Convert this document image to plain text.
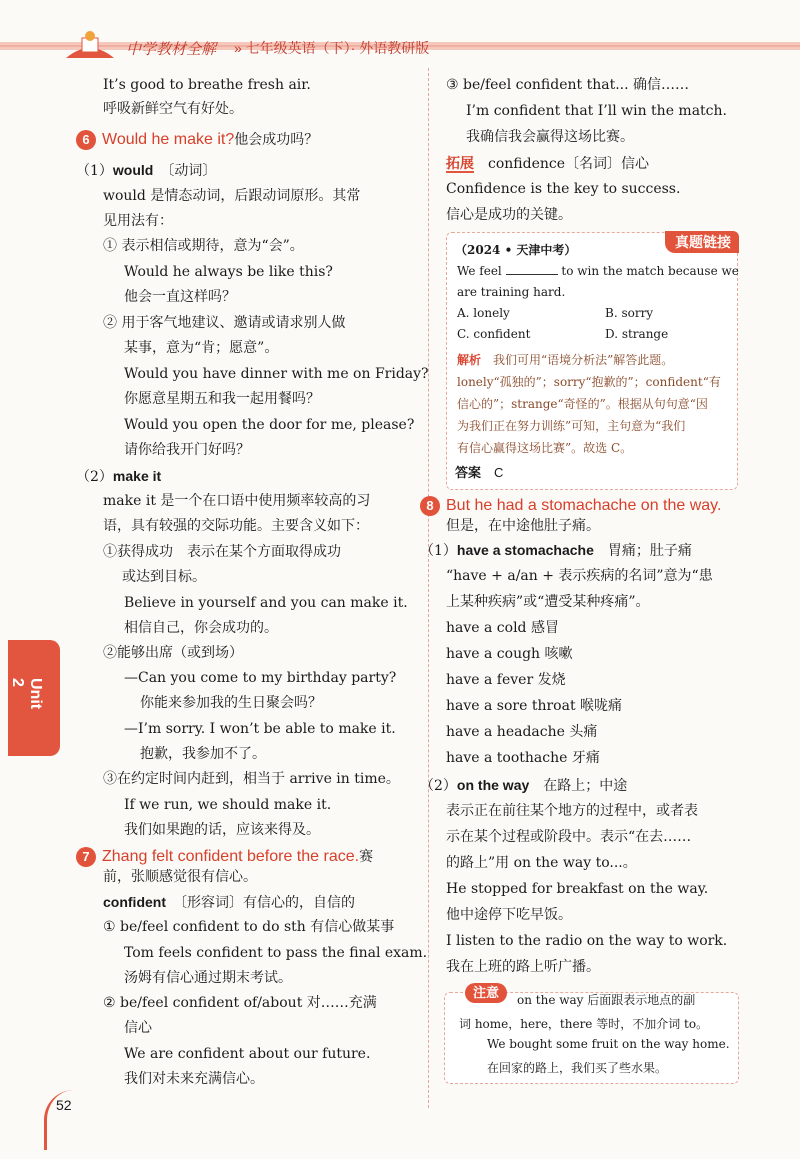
中学教材全解 » 七年级英语（下）· 外语教研版
It’s good to breathe fresh air.
呼吸新鲜空气有好处。
6 Would he make it?他会成功吗？
（1）would　 〔动词〕
would 是情态动词，后跟动词原形。其常
见用法有：
① 表示相信或期待，意为“会”。
Would he always be like this?
他会一直这样吗？
② 用于客气地建议、邀请或请求别人做
某事，意为“肯；愿意”。
Would you have dinner with me on Friday?
你愿意星期五和我一起用餐吗？
Would you open the door for me, please?
请你给我开门好吗？
（2）make it
make it 是一个在口语中使用频率较高的习
语，具有较强的交际功能。主要含义如下：
①获得成功　表示在某个方面取得成功
或达到目标。
Believe in yourself and you can make it.
相信自己，你会成功的。
②能够出席（或到场）
—Can you come to my birthday party?
你能来参加我的生日聚会吗？
—I’m sorry. I won’t be able to make it.
抱歉，我参加不了。
③在约定时间内赶到，相当于 arrive in time。
If we run, we should make it.
我们如果跑的话，应该来得及。
7 Zhang felt confident before the race.赛
前，张顺感觉很有信心。
confident　 〔形容词〕有信心的，自信的
① be/feel confident to do sth 有信心做某事
Tom feels confident to pass the final exam.
汤姆有信心通过期末考试。
② be/feel confident of/about 对……充满
信心
We are confident about our future.
我们对未来充满信心。
Unit 2
52
③ be/feel confident that... 确信……
I’m confident that I’ll win the match.
我确信我会赢得这场比赛。
拓展　 confidence〔名词〕信心
Confidence is the key to success.
信心是成功的关键。
真题链接
（2024 • 天津中考）
We feel	to win the match because we
are training hard.
A. lonely	B. sorry
C. confident	D. strange
解析　 我们可用“语境分析法”解答此题。
lonely“孤独的”；sorry“抱歉的”；confident“有
信心的”；strange“奇怪的”。根据从句句意“因
为我们正在努力训练”可知，主句意为“我们
有信心赢得这场比赛”。故选 C。
答案　 C
8 But he had a stomachache on the way.
但是，在中途他肚子痛。
（1）have a stomachache　 胃痛；肚子痛
“have + a/an + 表示疾病的名词”意为“患
上某种疾病”或“遭受某种疼痛”。
have a cold 感冒
have a cough 咳嗽
have a fever 发烧
have a sore throat 喉咙痛
have a headache 头痛
have a toothache 牙痛
（2）on the way　 在路上；中途
表示正在前往某个地方的过程中，或者表
示在某个过程或阶段中。表示“在去……
的路上”用 on the way to...。
He stopped for breakfast on the way.
他中途停下吃早饭。
I listen to the radio on the way to work.
我在上班的路上听广播。
注意	on the way 后面跟表示地点的副
词 home，here，there 等时，不加介词 to。
We bought some fruit on the way home.
在回家的路上，我们买了些水果。
